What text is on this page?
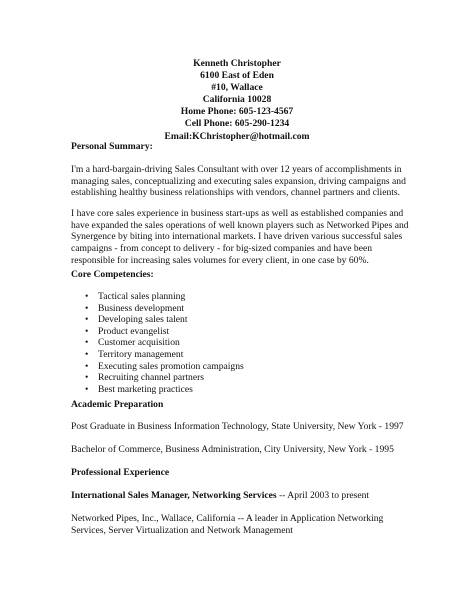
Kenneth Christopher
6100 East of Eden
#10, Wallace
California 10028
Home Phone: 605-123-4567
Cell Phone: 605-290-1234
Email:KChristopher@hotmail.com
Personal Summary:
I'm a hard-bargain-driving Sales Consultant with over 12 years of accomplishments in
managing sales, conceptualizing and executing sales expansion, driving campaigns and
establishing healthy business relationships with vendors, channel partners and clients.
I have core sales experience in business start-ups as well as established companies and
have expanded the sales operations of well known players such as Networked Pipes and
Synergence by biting into international markets. I have driven various successful sales
campaigns - from concept to delivery - for big-sized companies and have been
responsible for increasing sales volumes for every client, in one case by 60%.
Core Competencies:
• Tactical sales planning
• Business development
• Developing sales talent
• Product evangelist
• Customer acquisition
• Territory management
• Executing sales promotion campaigns
• Recruiting channel partners
• Best marketing practices
Academic Preparation
Post Graduate in Business Information Technology, State University, New York - 1997
Bachelor of Commerce, Business Administration, City University, New York - 1995
Professional Experience
International Sales Manager, Networking Services -- April 2003 to present
Networked Pipes, Inc., Wallace, California -- A leader in Application Networking
Services, Server Virtualization and Network Management
